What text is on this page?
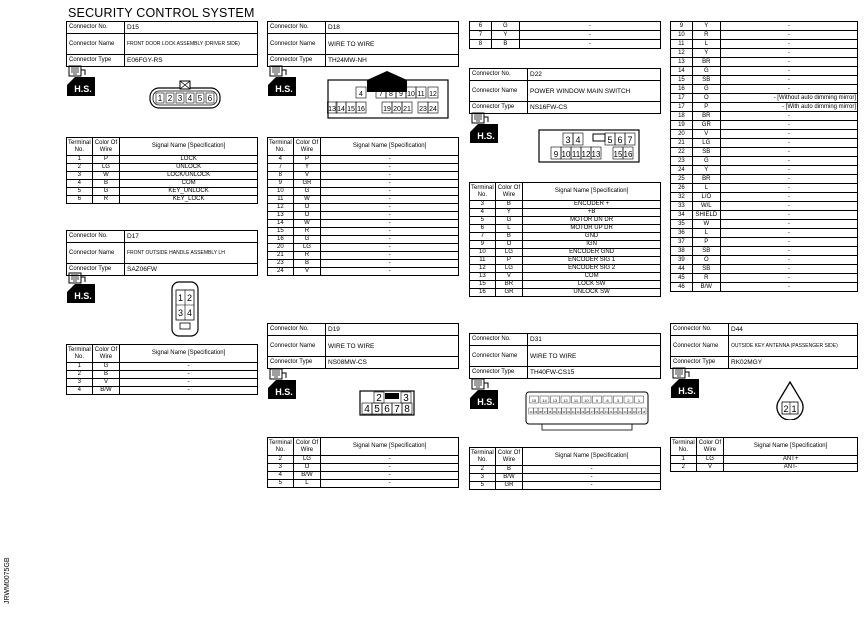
SECURITY CONTROL SYSTEM
JRWM0075GB
Connector No.	D15
Connector Name	FRONT DOOR LOCK ASSEMBLY (DRIVER SIDE)
Connector Type	E06FGY-RS
H.S.
1 2 3 4 5 6
Terminal No.	Color Of Wire	Signal Name [Specification]
1	P	LOCK
2	LG	UNLOCK
3	W	LOCK/UNLOCK
4	B	COM
5	G	KEY_UNLOCK
6	R	KEY_LOCK
Connector No.	D17
Connector Name	FRONT OUTSIDE HANDLE ASSEMBLY LH
Connector Type	SAZ06FW
H.S.	1 2
3 4
Terminal No.	Color Of Wire	Signal Name [Specification]
1	G	-
2	B	-
3	V	-
4	B/W	-
Connector No.	D18
Connector Name	WIRE TO WIRE
Connector Type	TH24MW-NH
H.S.
4 7 8 9 10 11 12
13 14 15 16	19 20 21 23 24
Terminal No.	Color Of Wire	Signal Name [Specification]
4	P	-
7	Y	-
8	V	-
9	GR	-
10	G	-
11	W	-
12	O	-
13	O	-
14	W	-
15	R	-
16	G	-
20	LG	-
21	R	-
23	B	-
24	V	-
Connector No.	D19
Connector Name	WIRE TO WIRE
Connector Type	NS08MW-CS
H.S.
2 3
4 5 6 7 8
Terminal No.	Color Of Wire	Signal Name [Specification]
2	LG	-
3	O	-
4	B/W	-
5	L	-
6	G	-
7	Y	-
8	B	-
Connector No.	D22
Connector Name	POWER WINDOW MAIN SWITCH
Connector Type	NS16FW-CS
H.S.	3 4	5 6 7
9 10 11 12 13 15 16
Terminal No.	Color Of Wire	Signal Name [Specification]
3	B	ENCODER +
4	Y	+B
5	G	MOTOR DN DR
6	L	MOTOR UP DR
7	B	GND
9	O	IGN
10	LG	ENCODER GND
11	P	ENCODER SIG 1
12	LG	ENCODER SIG 2
13	V	COM
15	BR	LOCK SW
16	GR	UNLOCK SW
Connector No.	D31
Connector Name	WIRE TO WIRE
Connector Type	TH40FW-CS15
H.S.	15 14 13 12 11 10 9 8 3 2 1
40 39 38 37 36 35 34 33 32 31 30 29 28 27 26 25 24 23 22 21 20 19 18 17 16
Terminal No.	Color Of Wire	Signal Name [Specification]
2	B	-
3	B/W	-
5	GR	-
9	Y	-
10	R	-
11	L	-
12	Y	-
13	BR	-
14	G	-
15	SB	-
16	G	-
17	O	- [Without auto dimming mirror]
17	P	- [With auto dimming mirror]
18	BR	-
19	GR	-
20	V	-
21	LG	-
22	SB	-
23	G	-
24	Y	-
25	BR	-
26	L	-
32	L/O	-
33	W/L	-
34	SHIELD	-
35	W	-
36	L	-
37	P	-
38	SB	-
39	O	-
44	SB	-
45	R	-
46	B/W	-
Connector No.	D44
Connector Name	OUTSIDE KEY ANTENNA (PASSENGER SIDE)
Connector Type	RK02MGY
H.S.
2 1
Terminal No.	Color Of Wire	Signal Name [Specification]
1	LG	ANT+
2	V	ANT-
